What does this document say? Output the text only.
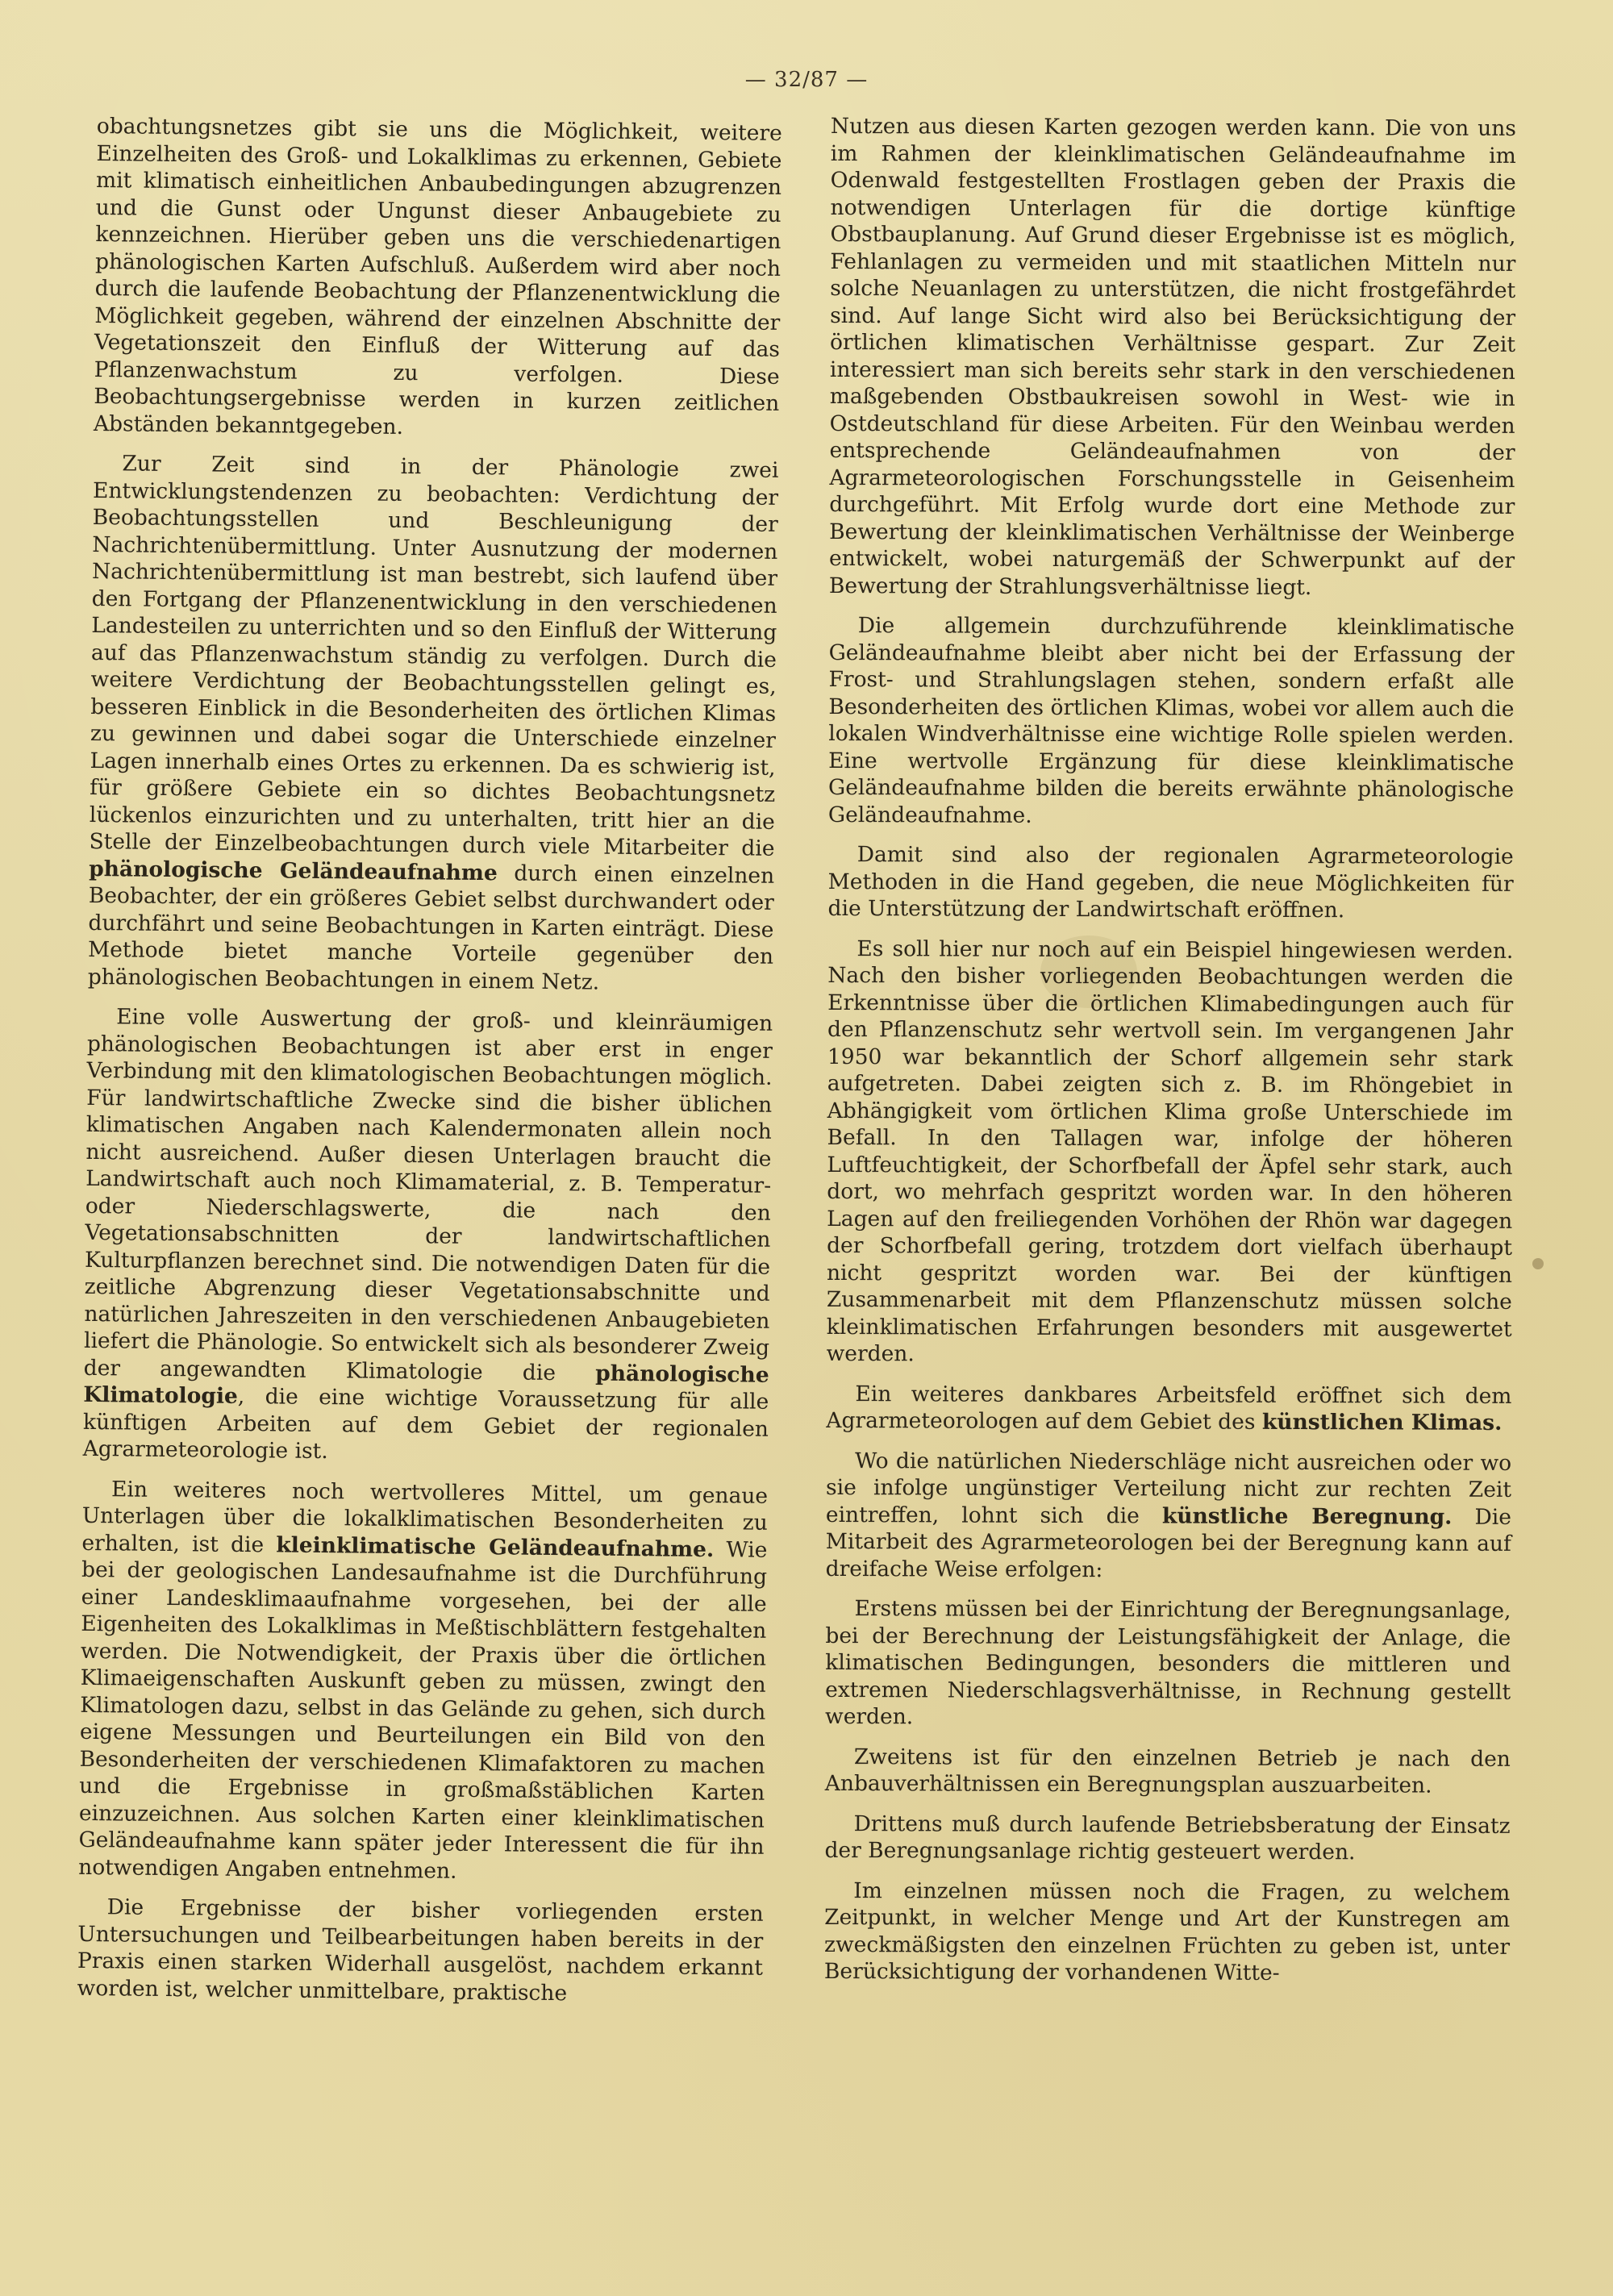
— 32/87 —

obachtungsnetzes gibt sie uns die Möglichkeit, weitere Einzelheiten des Groß- und Lokalklimas zu erkennen, Gebiete mit klimatisch einheitlichen Anbaubedingungen abzugrenzen und die Gunst oder Ungunst dieser Anbaugebiete zu kennzeichnen. Hierüber geben uns die verschiedenartigen phänologischen Karten Aufschluß. Außerdem wird aber noch durch die laufende Beobachtung der Pflanzenentwicklung die Möglichkeit gegeben, während der einzelnen Abschnitte der Vegetationszeit den Einfluß der Witterung auf das Pflanzenwachstum zu verfolgen. Diese Beobachtungsergebnisse werden in kurzen zeitlichen Abständen bekanntgegeben.

Zur Zeit sind in der Phänologie zwei Entwicklungstendenzen zu beobachten: Verdichtung der Beobachtungsstellen und Beschleunigung der Nachrichtenübermittlung. Unter Ausnutzung der modernen Nachrichtenübermittlung ist man bestrebt, sich laufend über den Fortgang der Pflanzenentwicklung in den verschiedenen Landesteilen zu unterrichten und so den Einfluß der Witterung auf das Pflanzenwachstum ständig zu verfolgen. Durch die weitere Verdichtung der Beobachtungsstellen gelingt es, besseren Einblick in die Besonderheiten des örtlichen Klimas zu gewinnen und dabei sogar die Unterschiede einzelner Lagen innerhalb eines Ortes zu erkennen. Da es schwierig ist, für größere Gebiete ein so dichtes Beobachtungsnetz lückenlos einzurichten und zu unterhalten, tritt hier an die Stelle der Einzelbeobachtungen durch viele Mitarbeiter die phänologische Geländeaufnahme durch einen einzelnen Beobachter, der ein größeres Gebiet selbst durchwandert oder durchfährt und seine Beobachtungen in Karten einträgt. Diese Methode bietet manche Vorteile gegenüber den phänologischen Beobachtungen in einem Netz.

Eine volle Auswertung der groß- und kleinräumigen phänologischen Beobachtungen ist aber erst in enger Verbindung mit den klimatologischen Beobachtungen möglich. Für landwirtschaftliche Zwecke sind die bisher üblichen klimatischen Angaben nach Kalendermonaten allein noch nicht ausreichend. Außer diesen Unterlagen braucht die Landwirtschaft auch noch Klimamaterial, z. B. Temperatur- oder Niederschlagswerte, die nach den Vegetationsabschnitten der landwirtschaftlichen Kulturpflanzen berechnet sind. Die notwendigen Daten für die zeitliche Abgrenzung dieser Vegetationsabschnitte und natürlichen Jahreszeiten in den verschiedenen Anbaugebieten liefert die Phänologie. So entwickelt sich als besonderer Zweig der angewandten Klimatologie die phänologische Klimatologie, die eine wichtige Voraussetzung für alle künftigen Arbeiten auf dem Gebiet der regionalen Agrarmeteorologie ist.

Ein weiteres noch wertvolleres Mittel, um genaue Unterlagen über die lokalklimatischen Besonderheiten zu erhalten, ist die kleinklimatische Geländeaufnahme. Wie bei der geologischen Landesaufnahme ist die Durchführung einer Landesklimaaufnahme vorgesehen, bei der alle Eigenheiten des Lokalklimas in Meßtischblättern festgehalten werden. Die Notwendigkeit, der Praxis über die örtlichen Klimaeigenschaften Auskunft geben zu müssen, zwingt den Klimatologen dazu, selbst in das Gelände zu gehen, sich durch eigene Messungen und Beurteilungen ein Bild von den Besonderheiten der verschiedenen Klimafaktoren zu machen und die Ergebnisse in großmaßstäblichen Karten einzuzeichnen. Aus solchen Karten einer kleinklimatischen Geländeaufnahme kann später jeder Interessent die für ihn notwendigen Angaben entnehmen.

Die Ergebnisse der bisher vorliegenden ersten Untersuchungen und Teilbearbeitungen haben bereits in der Praxis einen starken Widerhall ausgelöst, nachdem erkannt worden ist, welcher unmittelbare, praktische

Nutzen aus diesen Karten gezogen werden kann. Die von uns im Rahmen der kleinklimatischen Geländeaufnahme im Odenwald festgestellten Frostlagen geben der Praxis die notwendigen Unterlagen für die dortige künftige Obstbauplanung. Auf Grund dieser Ergebnisse ist es möglich, Fehlanlagen zu vermeiden und mit staatlichen Mitteln nur solche Neuanlagen zu unterstützen, die nicht frostgefährdet sind. Auf lange Sicht wird also bei Berücksichtigung der örtlichen klimatischen Verhältnisse gespart. Zur Zeit interessiert man sich bereits sehr stark in den verschiedenen maßgebenden Obstbaukreisen sowohl in West- wie in Ostdeutschland für diese Arbeiten. Für den Weinbau werden entsprechende Geländeaufnahmen von der Agrarmeteorologischen Forschungsstelle in Geisenheim durchgeführt. Mit Erfolg wurde dort eine Methode zur Bewertung der kleinklimatischen Verhältnisse der Weinberge entwickelt, wobei naturgemäß der Schwerpunkt auf der Bewertung der Strahlungsverhältnisse liegt.

Die allgemein durchzuführende kleinklimatische Geländeaufnahme bleibt aber nicht bei der Erfassung der Frost- und Strahlungslagen stehen, sondern erfaßt alle Besonderheiten des örtlichen Klimas, wobei vor allem auch die lokalen Windverhältnisse eine wichtige Rolle spielen werden. Eine wertvolle Ergänzung für diese kleinklimatische Geländeaufnahme bilden die bereits erwähnte phänologische Geländeaufnahme.

Damit sind also der regionalen Agrarmeteorologie Methoden in die Hand gegeben, die neue Möglichkeiten für die Unterstützung der Landwirtschaft eröffnen.

Es soll hier nur noch auf ein Beispiel hingewiesen werden. Nach den bisher vorliegenden Beobachtungen werden die Erkenntnisse über die örtlichen Klimabedingungen auch für den Pflanzenschutz sehr wertvoll sein. Im vergangenen Jahr 1950 war bekanntlich der Schorf allgemein sehr stark aufgetreten. Dabei zeigten sich z. B. im Rhöngebiet in Abhängigkeit vom örtlichen Klima große Unterschiede im Befall. In den Tallagen war, infolge der höheren Luftfeuchtigkeit, der Schorfbefall der Äpfel sehr stark, auch dort, wo mehrfach gespritzt worden war. In den höheren Lagen auf den freiliegenden Vorhöhen der Rhön war dagegen der Schorfbefall gering, trotzdem dort vielfach überhaupt nicht gespritzt worden war. Bei der künftigen Zusammenarbeit mit dem Pflanzenschutz müssen solche kleinklimatischen Erfahrungen besonders mit ausgewertet werden.

Ein weiteres dankbares Arbeitsfeld eröffnet sich dem Agrarmeteorologen auf dem Gebiet des künstlichen Klimas.

Wo die natürlichen Niederschläge nicht ausreichen oder wo sie infolge ungünstiger Verteilung nicht zur rechten Zeit eintreffen, lohnt sich die künstliche Beregnung. Die Mitarbeit des Agrarmeteorologen bei der Beregnung kann auf dreifache Weise erfolgen:

Erstens müssen bei der Einrichtung der Beregnungsanlage, bei der Berechnung der Leistungsfähigkeit der Anlage, die klimatischen Bedingungen, besonders die mittleren und extremen Niederschlagsverhältnisse, in Rechnung gestellt werden.

Zweitens ist für den einzelnen Betrieb je nach den Anbauverhältnissen ein Beregnungsplan auszuarbeiten.

Drittens muß durch laufende Betriebsberatung der Einsatz der Beregnungsanlage richtig gesteuert werden.

Im einzelnen müssen noch die Fragen, zu welchem Zeitpunkt, in welcher Menge und Art der Kunstregen am zweckmäßigsten den einzelnen Früchten zu geben ist, unter Berücksichtigung der vorhandenen Witte-
